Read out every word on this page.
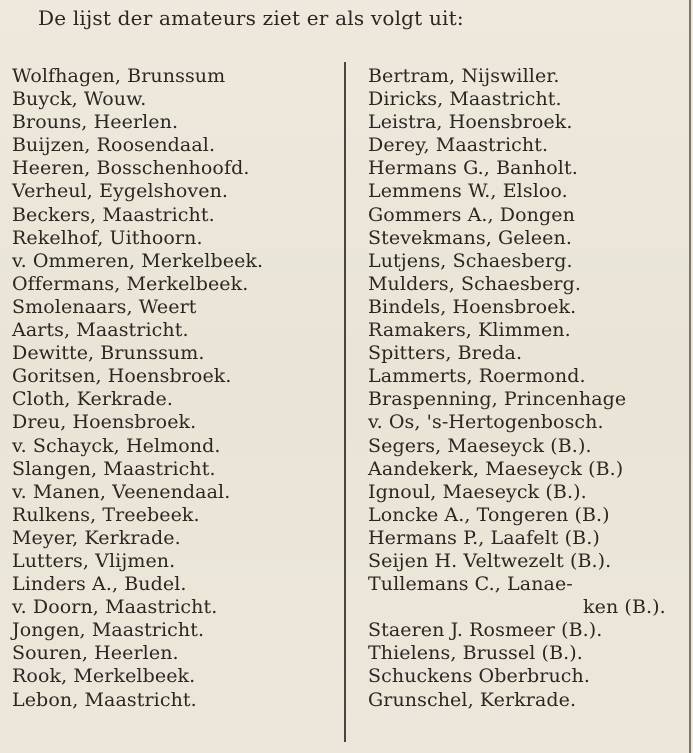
De lijst der amateurs ziet er als volgt uit:
Wolfhagen, Brunssum
Buyck, Wouw.
Brouns, Heerlen.
Buijzen, Roosendaal.
Heeren, Bosschenhoofd.
Verheul, Eygelshoven.
Beckers, Maastricht.
Rekelhof, Uithoorn.
v. Ommeren, Merkelbeek.
Offermans, Merkelbeek.
Smolenaars, Weert
Aarts, Maastricht.
Dewitte, Brunssum.
Goritsen, Hoensbroek.
Cloth, Kerkrade.
Dreu, Hoensbroek.
v. Schayck, Helmond.
Slangen, Maastricht.
v. Manen, Veenendaal.
Rulkens, Treebeek.
Meyer, Kerkrade.
Lutters, Vlijmen.
Linders A., Budel.
v. Doorn, Maastricht.
Jongen, Maastricht.
Souren, Heerlen.
Rook, Merkelbeek.
Lebon, Maastricht.
Bertram, Nijswiller.
Diricks, Maastricht.
Leistra, Hoensbroek.
Derey, Maastricht.
Hermans G., Banholt.
Lemmens W., Elsloo.
Gommers A., Dongen
Stevekmans, Geleen.
Lutjens, Schaesberg.
Mulders, Schaesberg.
Bindels, Hoensbroek.
Ramakers, Klimmen.
Spitters, Breda.
Lammerts, Roermond.
Braspenning, Princenhage
v. Os, 's-Hertogenbosch.
Segers, Maeseyck (B.).
Aandekerk, Maeseyck (B.)
Ignoul, Maeseyck (B.).
Loncke A., Tongeren (B.)
Hermans P., Laafelt (B.)
Seijen H. Veltwezelt (B.).
Tullemans C., Lanae-
ken (B.).
Staeren J. Rosmeer (B.).
Thielens, Brussel (B.).
Schuckens Oberbruch.
Grunschel, Kerkrade.
